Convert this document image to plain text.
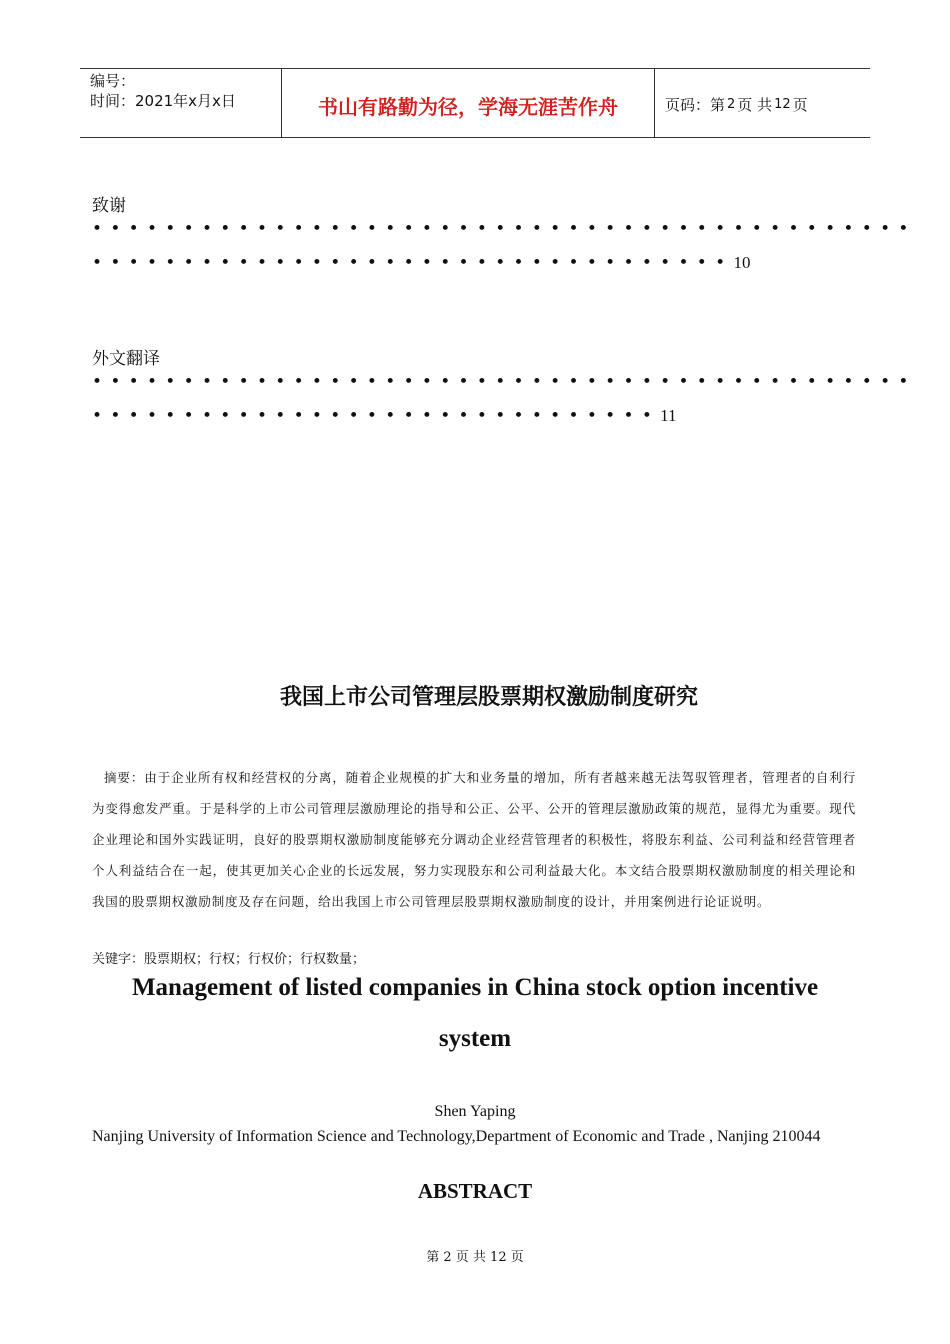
编号：
时间：2021年x月x日	书山有路勤为径，学海无涯苦作舟	页码：第 2 页 共 12 页
致谢
•••••••••••••••••••••••••••••••••••••••••••••
•••••••••••••••••••••••••••••••••••10
外文翻译
•••••••••••••••••••••••••••••••••••••••••••••
•••••••••••••••••••••••••••••••11
我国上市公司管理层股票期权激励制度研究
摘要：由于企业所有权和经营权的分离，随着企业规模的扩大和业务量的增加，所有者越来越无法驾驭管理者，管理者的自利行为变得愈发严重。于是科学的上市公司管理层激励理论的指导和公正、公平、公开的管理层激励政策的规范，显得尤为重要。现代企业理论和国外实践证明，良好的股票期权激励制度能够充分调动企业经营管理者的积极性，将股东利益、公司利益和经营管理者个人利益结合在一起，使其更加关心企业的长远发展，努力实现股东和公司利益最大化。本文结合股票期权激励制度的相关理论和我国的股票期权激励制度及存在问题，给出我国上市公司管理层股票期权激励制度的设计，并用案例进行论证说明。
关键字：股票期权；行权；行权价；行权数量；
Management of listed companies in China stock option incentive
system
Shen Yaping
Nanjing University of Information Science and Technology,Department of Economic and Trade , Nanjing 210044
ABSTRACT
第 2 页 共 12 页
